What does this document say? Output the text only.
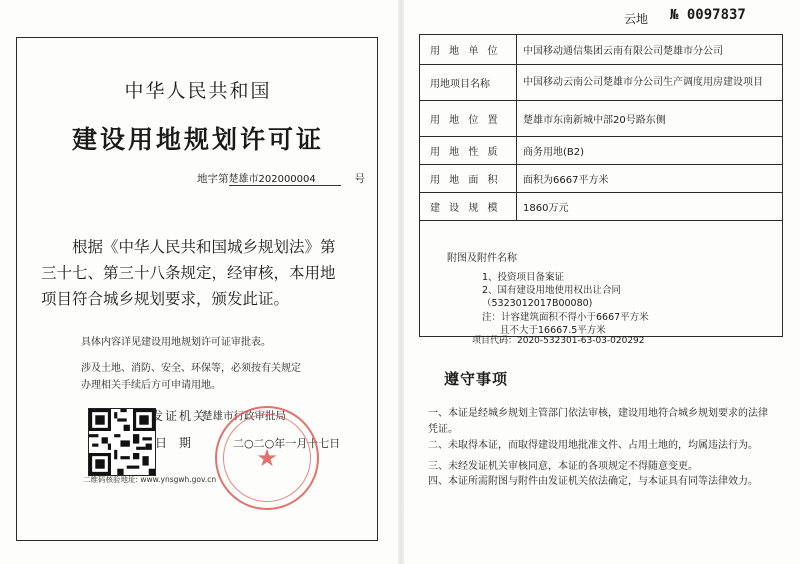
中华人民共和国
建设用地规划许可证
地字第楚雄市202000004	号

根据《中华人民共和国城乡规划法》第

三十七、第三十八条规定，经审核，本用地

项目符合城乡规划要求，颁发此证。

具体内容详见建设用地规划许可证审批表。
涉及土地、消防、安全、环保等，必须按有关规定
办理相关手续后方可申请用地。
二维码核验地址: www.ynsgwh.gov.cn
发证机关
楚雄市行政审批局
日期	二○二○年一月十七日
★
云地 № 0097837
用 地 单 位	中国移动通信集团云南有限公司楚雄市分公司
用地项目名称	中国移动云南公司楚雄市分公司生产调度用房建设项目
用 地 位 置	楚雄市东南新城中部20号路东侧
用 地 性 质	商务用地(B2)
用 地 面 积	面积为6667平方米
建 设 规 模	1860万元

附图及附件名称
1、投资项目备案证
2、国有建设用地使用权出让合同
（5323012017B00080)
注：计容建筑面积不得小于6667平方米
且不大于16667.5平方米
项目代码：2020-532301-63-03-020292
遵守事项
一、本证是经城乡规划主管部门依法审核，建设用地符合城乡规划要求的法律凭证。
二、未取得本证，而取得建设用地批准文件、占用土地的，均属违法行为。
三、未经发证机关审核同意，本证的各项规定不得随意变更。
四、本证所需附图与附件由发证机关依法确定，与本证具有同等法律效力。
